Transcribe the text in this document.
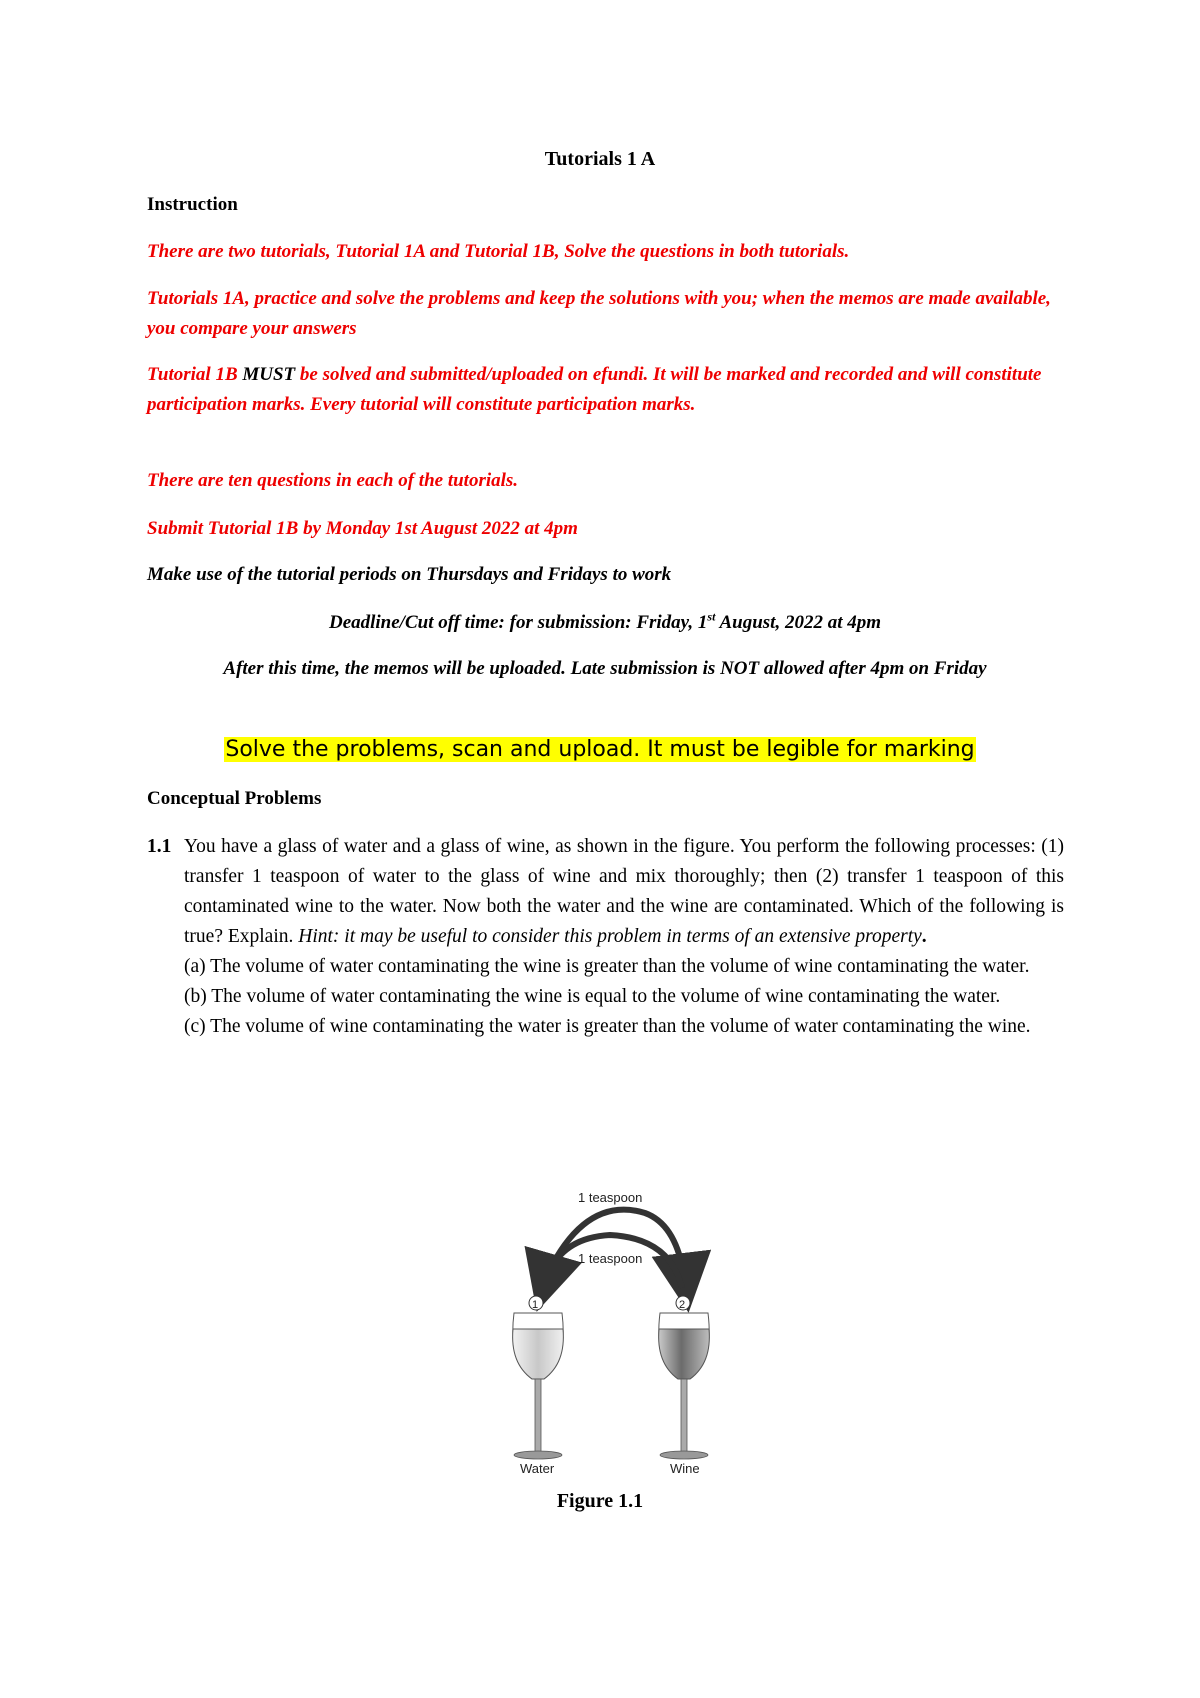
Tutorials 1 A

Instruction

There are two tutorials, Tutorial 1A and Tutorial 1B, Solve the questions in both tutorials.

Tutorials 1A, practice and solve the problems and keep the solutions with you; when the memos are made available, you compare your answers

Tutorial 1B MUST be solved and submitted/uploaded on efundi. It will be marked and recorded and will constitute participation marks. Every tutorial will constitute participation marks.

There are ten questions in each of the tutorials.

Submit Tutorial 1B by Monday 1st August 2022 at 4pm

Make use of the tutorial periods on Thursdays and Fridays to work

Deadline/Cut off time: for submission: Friday, 1st August, 2022 at 4pm

After this time, the memos will be uploaded. Late submission is NOT allowed after 4pm on Friday

Solve the problems, scan and upload. It must be legible for marking

Conceptual Problems

1.1 You have a glass of water and a glass of wine, as shown in the figure. You perform the following processes: (1) transfer 1 teaspoon of water to the glass of wine and mix thoroughly; then (2) transfer 1 teaspoon of this contaminated wine to the water. Now both the water and the wine are contaminated. Which of the following is true? Explain. Hint: it may be useful to consider this problem in terms of an extensive property.
(a) The volume of water contaminating the wine is greater than the volume of wine contaminating the water.
(b) The volume of water contaminating the wine is equal to the volume of wine contaminating the water.
(c) The volume of wine contaminating the water is greater than the volume of water contaminating the wine.

1 teaspoon
1 teaspoon
1	2
Water	Wine
Figure 1.1
